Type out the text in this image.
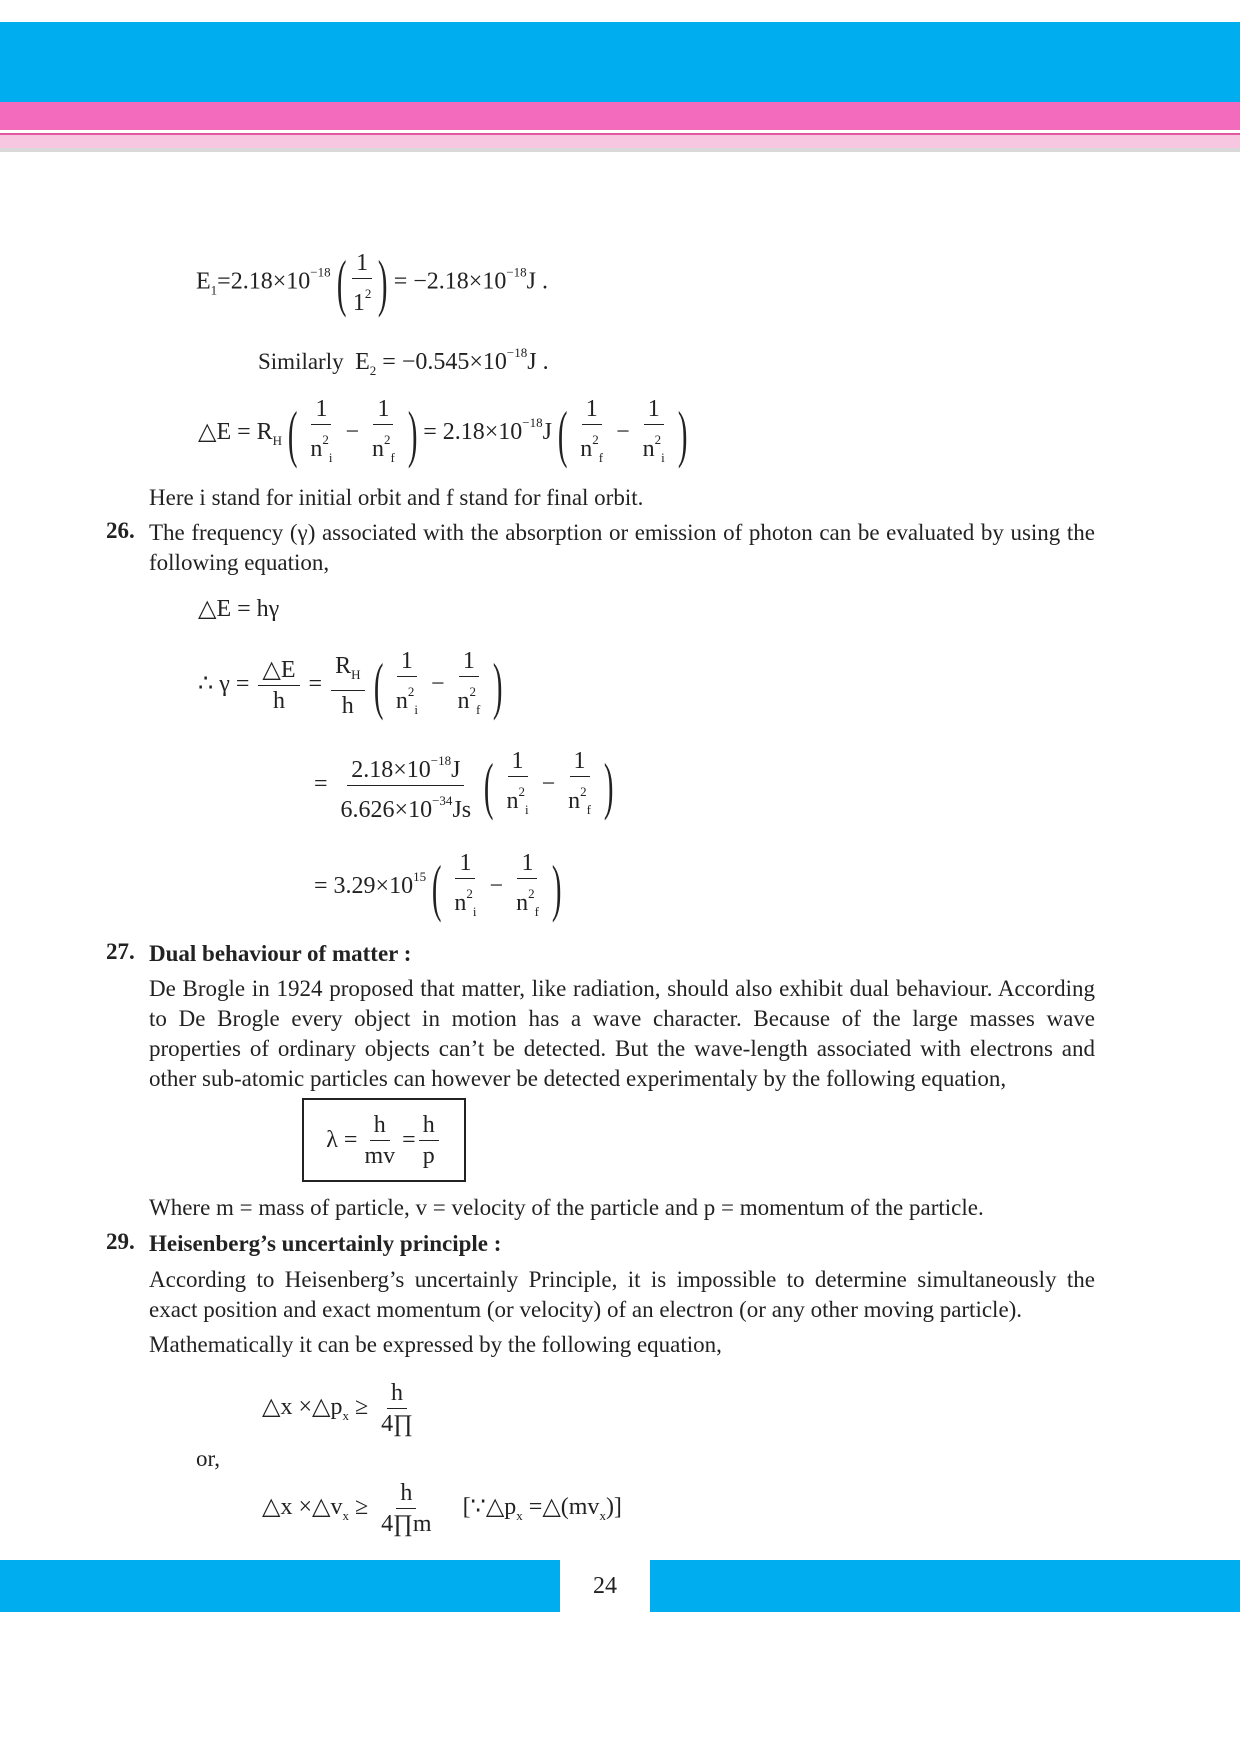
$E_1=2.18\times 10^{-18}$ ( $\frac{1}{1^2}$ ) = $-2.18\times 10^{-18}J$ .
Similarly $E_2 = -0.545\times 10^{-18}J$ .
△E = $R_H$ ( $\frac{1}{n^2_i} - \frac{1}{n^2_f}$ ) = $2.18\times 10^{-18}J$ ( $\frac{1}{n^2_f} - \frac{1}{n^2_i}$ )
Here i stand for initial orbit and f stand for final orbit.
26. The frequency (γ) associated with the absorption or emission of photon can be evaluated by using the following equation,
△E = hγ
∴ $\gamma = \frac{\triangle E}{h} = \frac{R_H}{h}$ ( $\frac{1}{n^2_i} - \frac{1}{n^2_f}$ )
= $\frac{2.18\times 10^{-18}J}{6.626\times 10^{-34}Js}$ ( $\frac{1}{n^2_i} - \frac{1}{n^2_f}$ )
= $3.29\times 10^{15}$ ( $\frac{1}{n^2_i} - \frac{1}{n^2_f}$ )
27. Dual behaviour of matter :
De Brogle in 1924 proposed that matter, like radiation, should also exhibit dual behaviour. According to De Brogle every object in motion has a wave character. Because of the large masses wave properties of ordinary objects can’t be detected. But the wave-length associated with electrons and other sub-atomic particles can however be detected experimentaly by the following equation,
$\lambda = \frac{h}{mv} = \frac{h}{p}$
Where m = mass of particle, v = velocity of the particle and p = momentum of the particle.
29. Heisenberg’s uncertainly principle :
According to Heisenberg’s uncertainly Principle, it is impossible to determine simultaneously the exact position and exact momentum (or velocity) of an electron (or any other moving particle).
Mathematically it can be expressed by the following equation,
△x $\times\triangle p_x \ge \frac{h}{4\prod}$
or,
△x $\times\triangle v_x \ge \frac{h}{4\prod m}$ [$\because\triangle p_x$ $=\triangle(mv_x)$]
24
